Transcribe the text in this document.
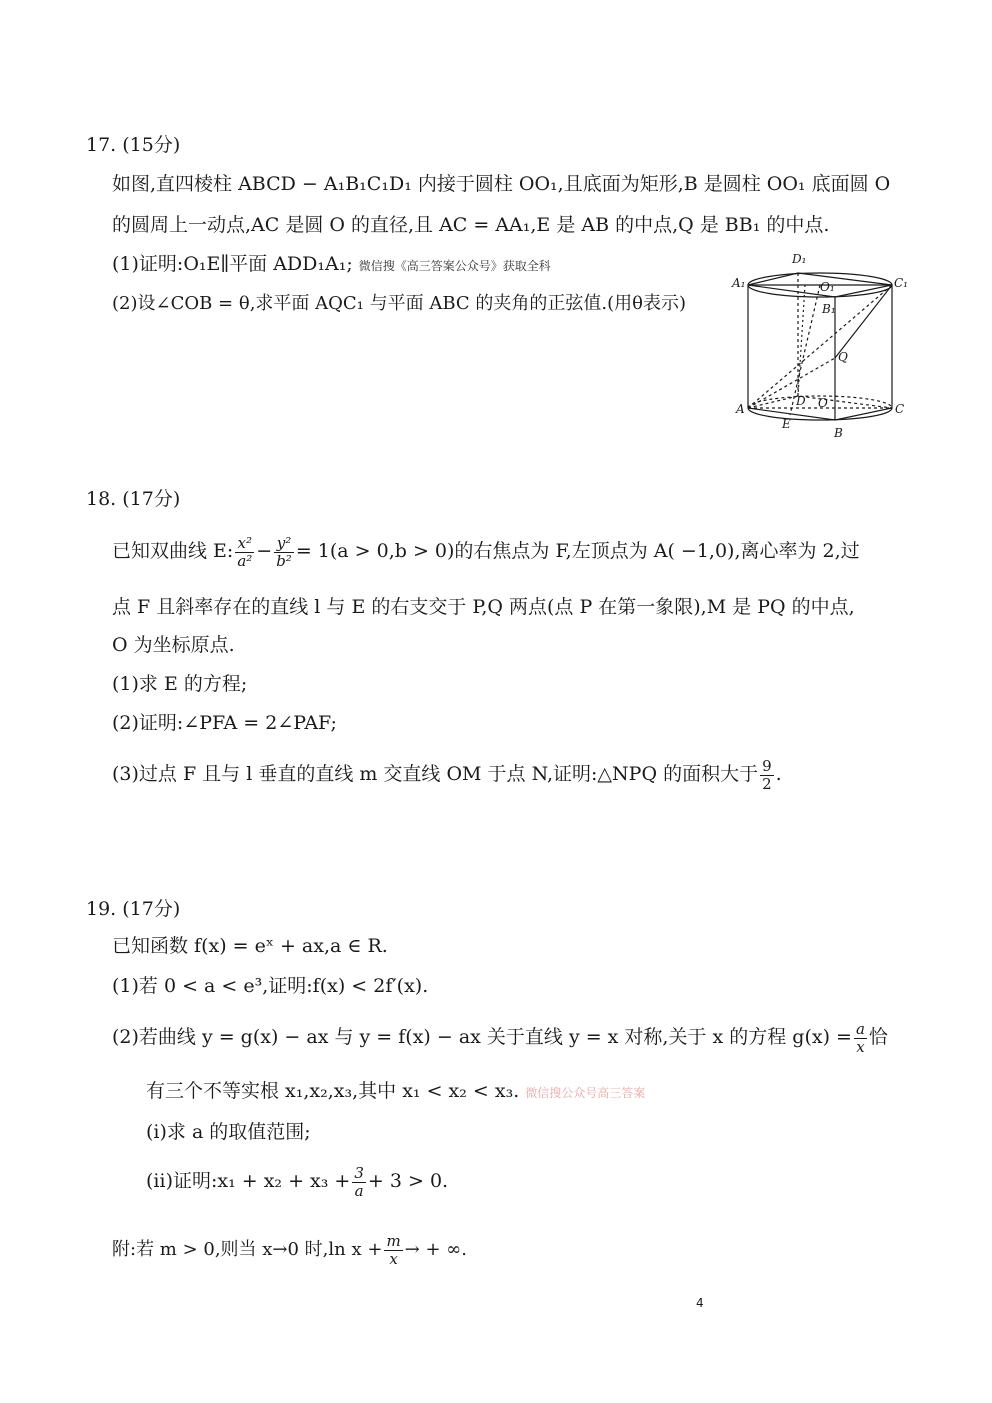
17. (15分)
如图,直四棱柱 ABCD − A₁B₁C₁D₁ 内接于圆柱 OO₁,且底面为矩形,B 是圆柱 OO₁ 底面圆 O
的圆周上一动点,AC 是圆 O 的直径,且 AC = AA₁,E 是 AB 的中点,Q 是 BB₁ 的中点.
(1)证明:O₁E∥平面 ADD₁A₁; 微信搜《高三答案公众号》获取全科
(2)设∠COB = θ,求平面 AQC₁ 与平面 ABC 的夹角的正弦值.(用θ表示)
D₁
A₁	O₁	C₁
B₁
Q
A
D O	C
E
B
18. (17分)
已知双曲线 E: $\frac{\text{x²}}{\text{a²}} - \frac{\text{y²}}{\text{b²}} = 1(a > 0,b > 0)$的右焦点为 F,左顶点为 A( −1,0),离心率为 2,过
点 F 且斜率存在的直线 l 与 E 的右支交于 P,Q 两点(点 P 在第一象限),M 是 PQ 的中点,
O 为坐标原点.
(1)求 E 的方程;
(2)证明:∠PFA = 2∠PAF;
(3)过点 F 且与 l 垂直的直线 m 交直线 OM 于点 N,证明:△NPQ 的面积大于 $\frac{9}{2}$ .
19. (17分)
已知函数 f(x) = eˣ + ax,a ∈ R.
(1)若 0 < a < e³,证明:f(x) < 2f′(x).
(2)若曲线 y = g(x) − ax 与 y = f(x) − ax 关于直线 y = x 对称,关于 x 的方程 $g(x) = \frac{a}{x}$ 恰
有三个不等实根 x₁,x₂,x₃,其中 x₁ < x₂ < x₃. 微信搜公众号高三答案
(ⅰ)求 a 的取值范围;
(ⅱ)证明:x₁ + $x_2 + x_3 + \frac{3}{a} + 3 > 0$.
附:若 m > 0,则当 x→0 时,ln $x + \frac{m}{x}$ → + ∞.
4
